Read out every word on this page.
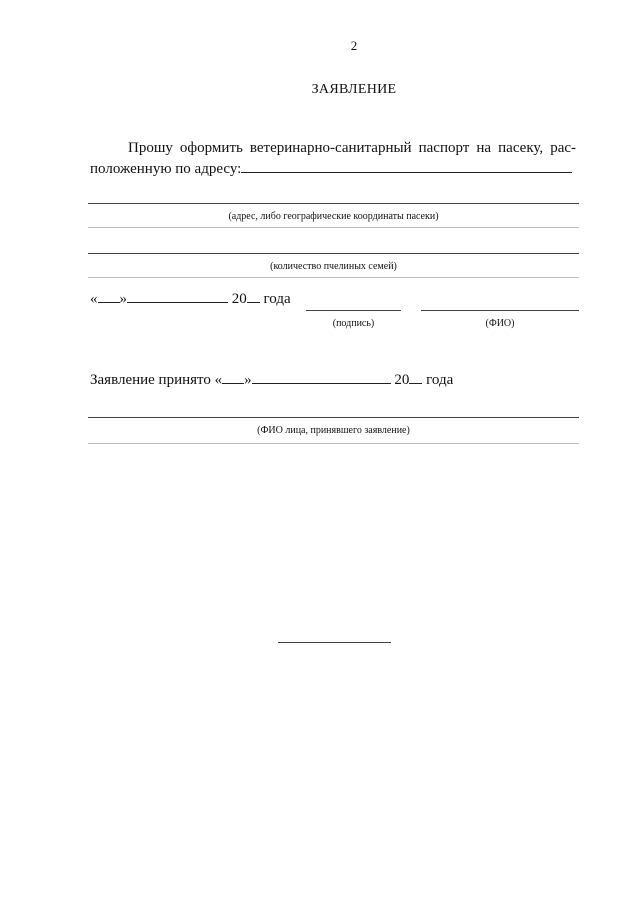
2
ЗАЯВЛЕНИЕ
Прошу оформить ветеринарно-санитарный паспорт на пасеку, рас-
положенную по адресу:
(адрес, либо географические координаты пасеки)
(количество пчелиных семей)
« »	20 года
(подпись)	(ФИО)
Заявление принято « »	20 года
(ФИО лица, принявшего заявление)
